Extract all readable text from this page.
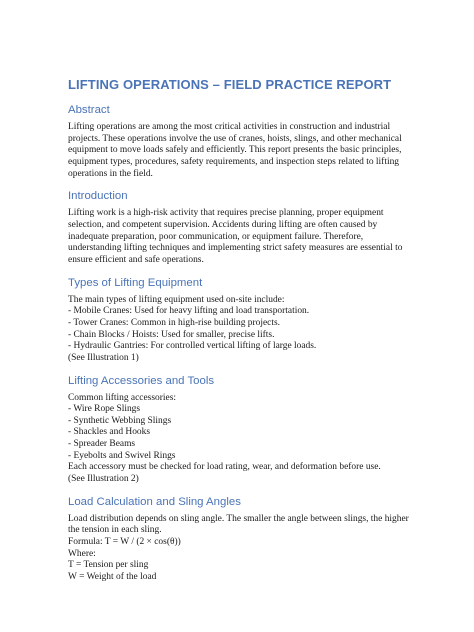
LIFTING OPERATIONS – FIELD PRACTICE REPORT
Abstract

Lifting operations are among the most critical activities in construction and industrial
projects. These operations involve the use of cranes, hoists, slings, and other mechanical
equipment to move loads safely and efficiently. This report presents the basic principles,
equipment types, procedures, safety requirements, and inspection steps related to lifting
operations in the field.

Introduction

Lifting work is a high-risk activity that requires precise planning, proper equipment
selection, and competent supervision. Accidents during lifting are often caused by
inadequate preparation, poor communication, or equipment failure. Therefore,
understanding lifting techniques and implementing strict safety measures are essential to
ensure efficient and safe operations.

Types of Lifting Equipment

The main types of lifting equipment used on-site include:
- Mobile Cranes: Used for heavy lifting and load transportation.
- Tower Cranes: Common in high-rise building projects.
- Chain Blocks / Hoists: Used for smaller, precise lifts.
- Hydraulic Gantries: For controlled vertical lifting of large loads.
(See Illustration 1)

Lifting Accessories and Tools

Common lifting accessories:
- Wire Rope Slings
- Synthetic Webbing Slings
- Shackles and Hooks
- Spreader Beams
- Eyebolts and Swivel Rings
Each accessory must be checked for load rating, wear, and deformation before use.
(See Illustration 2)

Load Calculation and Sling Angles

Load distribution depends on sling angle. The smaller the angle between slings, the higher
the tension in each sling.
Formula: T = W / (2 × cos(θ))
Where:
T = Tension per sling
W = Weight of the load
